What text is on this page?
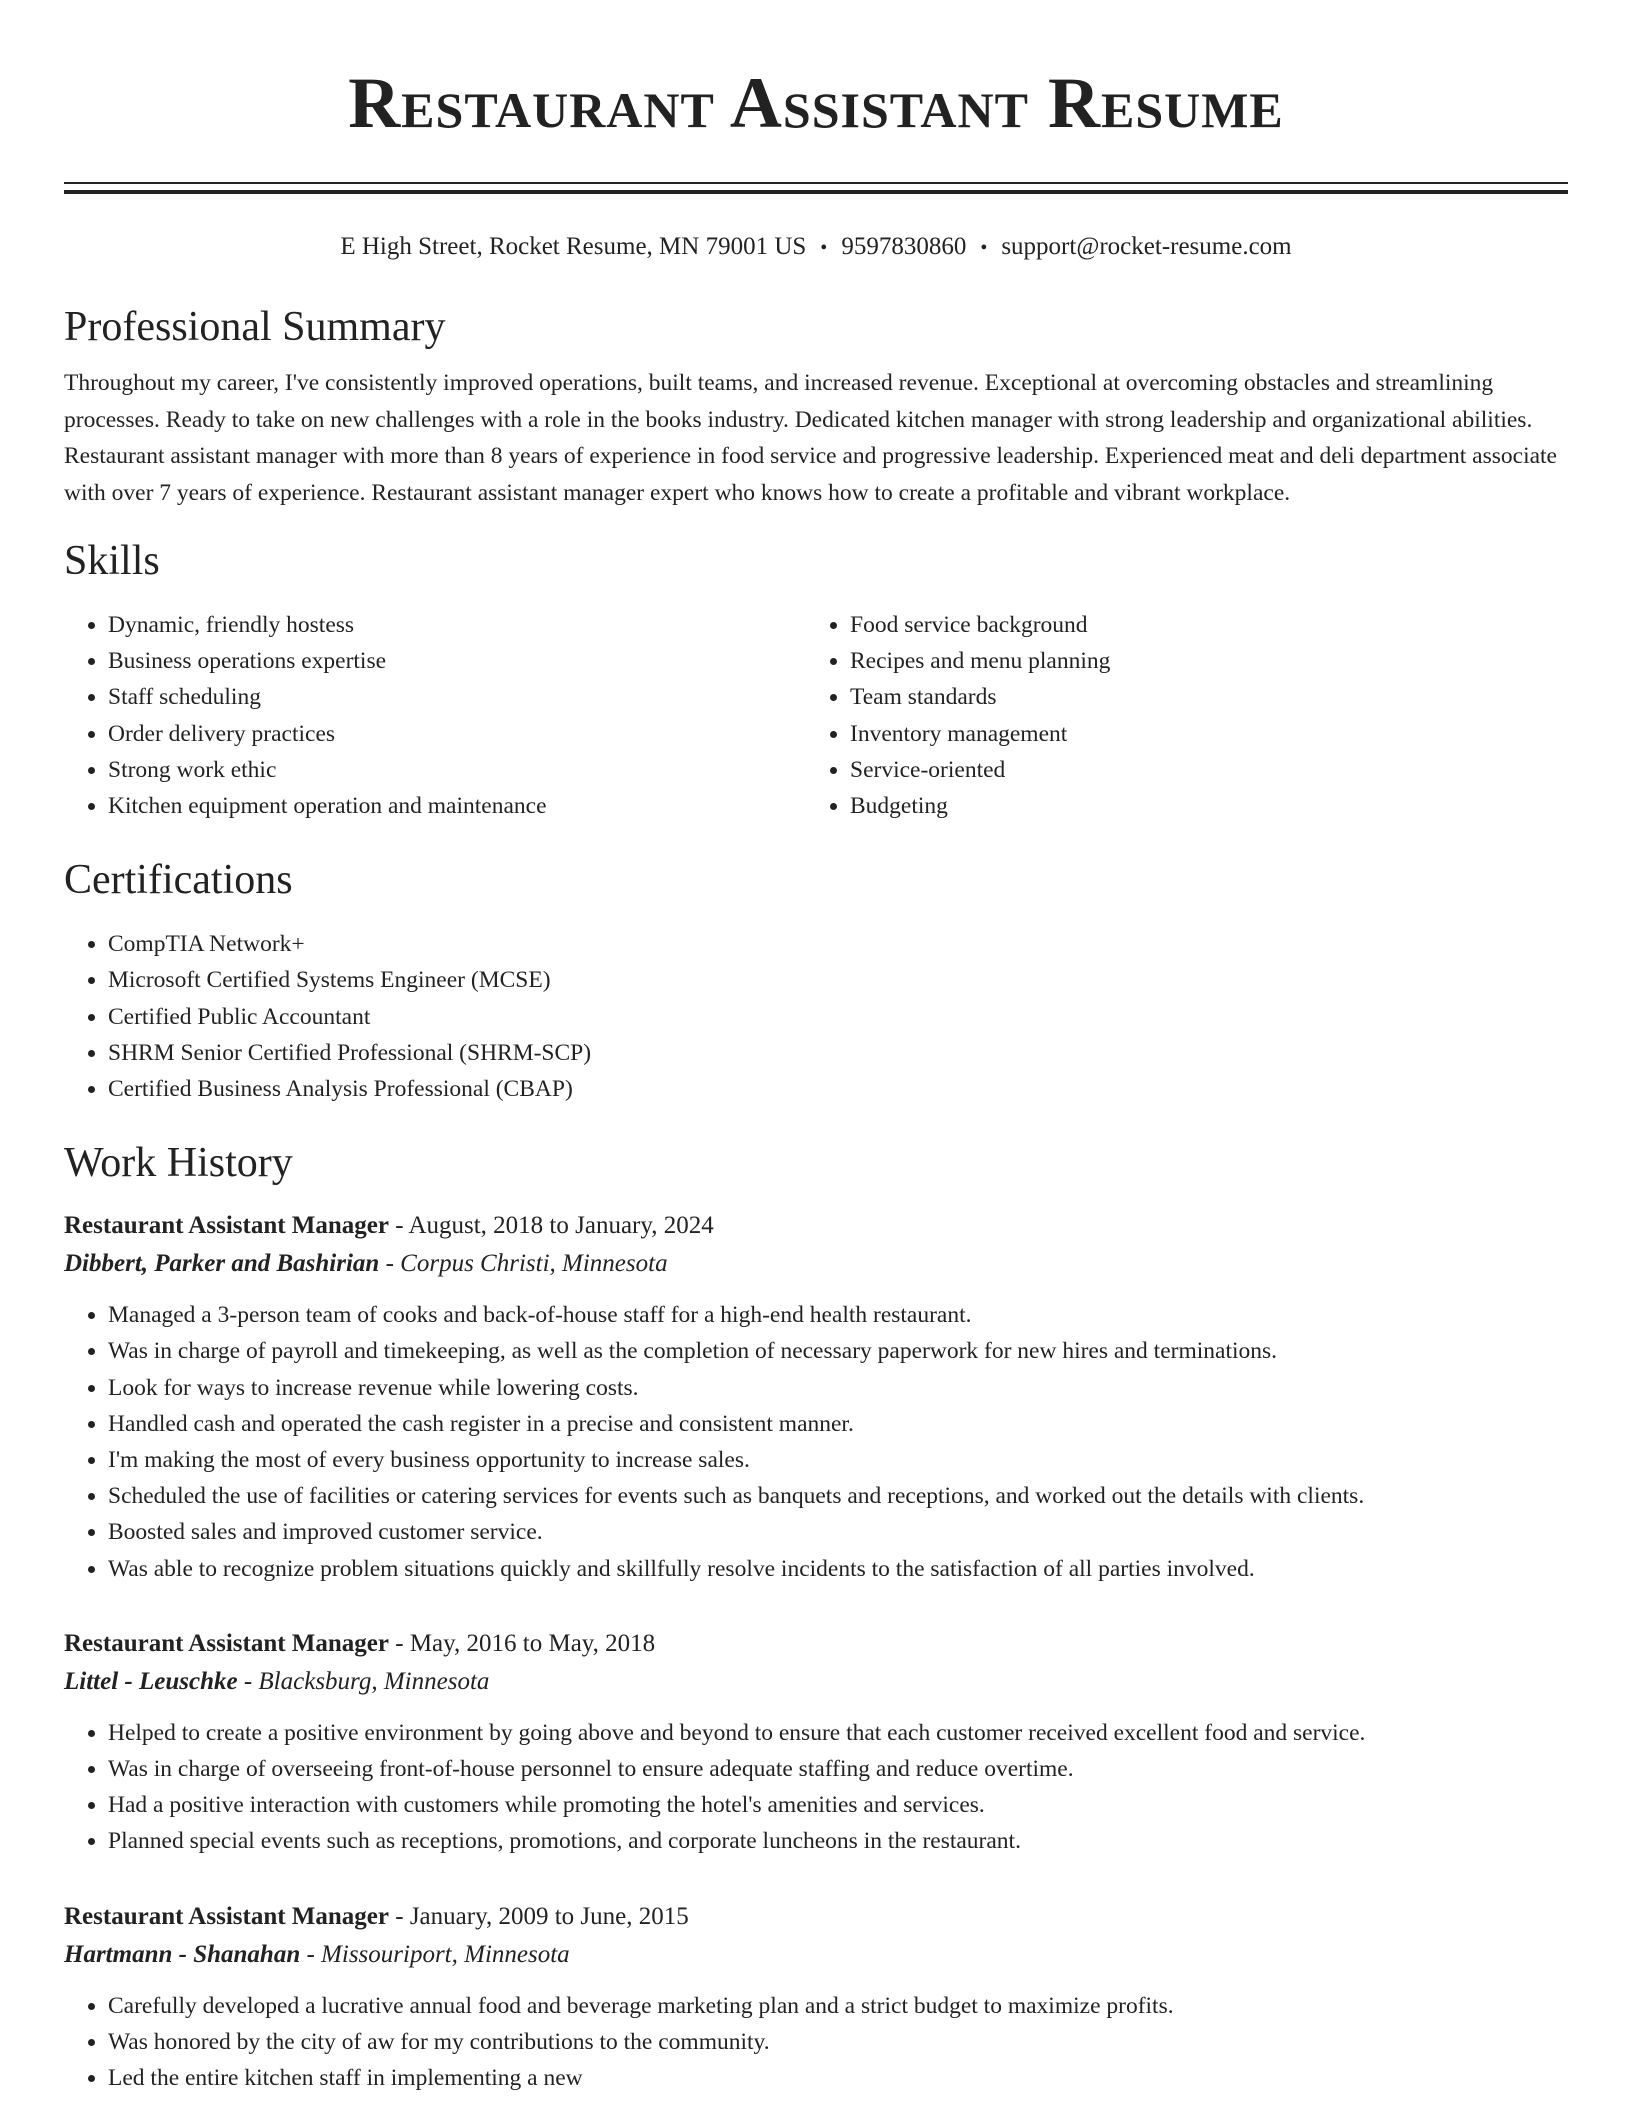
Restaurant Assistant Resume
E High Street, Rocket Resume, MN 79001 US • 9597830860 • support@rocket-resume.com
Professional Summary

Throughout my career, I've consistently improved operations, built teams, and increased revenue. Exceptional at overcoming obstacles and streamlining processes. Ready to take on new challenges with a role in the books industry. Dedicated kitchen manager with strong leadership and organizational abilities. Restaurant assistant manager with more than 8 years of experience in food service and progressive leadership. Experienced meat and deli department associate with over 7 years of experience. Restaurant assistant manager expert who knows how to create a profitable and vibrant workplace.

Skills
• Dynamic, friendly hostess
• Business operations expertise
• Staff scheduling
• Order delivery practices
• Strong work ethic
• Kitchen equipment operation and maintenance
• Food service background
• Recipes and menu planning
• Team standards
• Inventory management
• Service-oriented
• Budgeting
Certifications
• CompTIA Network+
• Microsoft Certified Systems Engineer (MCSE)
• Certified Public Accountant
• SHRM Senior Certified Professional (SHRM-SCP)
• Certified Business Analysis Professional (CBAP)
Work History

Restaurant Assistant Manager - August, 2018 to January, 2024

Dibbert, Parker and Bashirian - Corpus Christi, Minnesota

• Managed a 3-person team of cooks and back-of-house staff for a high-end health restaurant.
• Was in charge of payroll and timekeeping, as well as the completion of necessary paperwork for new hires and terminations.
• Look for ways to increase revenue while lowering costs.
• Handled cash and operated the cash register in a precise and consistent manner.
• I'm making the most of every business opportunity to increase sales.
• Scheduled the use of facilities or catering services for events such as banquets and receptions, and worked out the details with clients.
• Boosted sales and improved customer service.
• Was able to recognize problem situations quickly and skillfully resolve incidents to the satisfaction of all parties involved.

Restaurant Assistant Manager - May, 2016 to May, 2018

Littel - Leuschke - Blacksburg, Minnesota

• Helped to create a positive environment by going above and beyond to ensure that each customer received excellent food and service.
• Was in charge of overseeing front-of-house personnel to ensure adequate staffing and reduce overtime.
• Had a positive interaction with customers while promoting the hotel's amenities and services.
• Planned special events such as receptions, promotions, and corporate luncheons in the restaurant.

Restaurant Assistant Manager - January, 2009 to June, 2015

Hartmann - Shanahan - Missouriport, Minnesota

• Carefully developed a lucrative annual food and beverage marketing plan and a strict budget to maximize profits.
• Was honored by the city of aw for my contributions to the community.
• Led the entire kitchen staff in implementing a new
